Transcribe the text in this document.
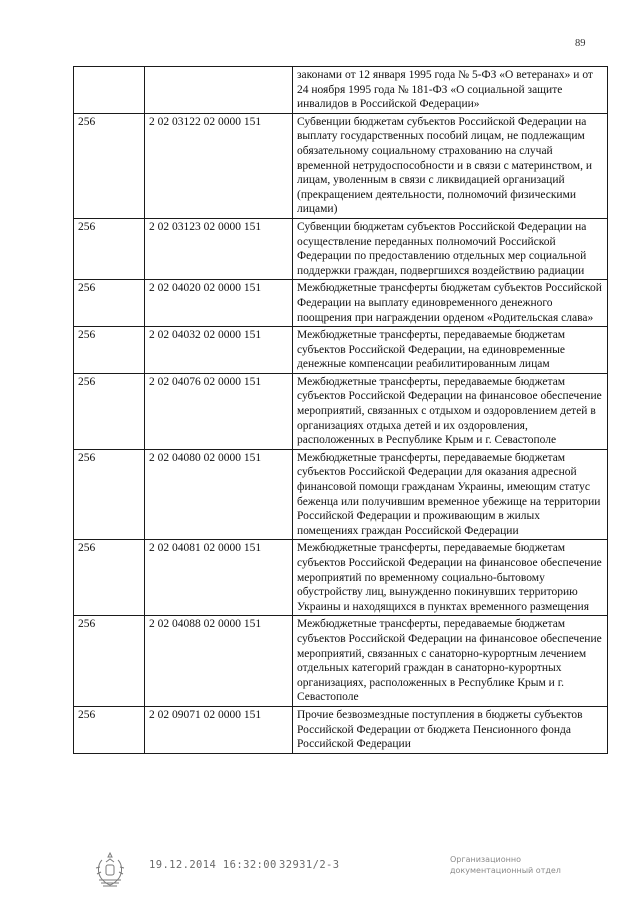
89
		законами от 12 января 1995 года № 5-ФЗ «О ветеранах» и от 24 ноября 1995 года № 181-ФЗ «О социальной защите инвалидов в Российской Федерации»
256	2 02 03122 02 0000 151	Субвенции бюджетам субъектов Российской Федерации на выплату государственных пособий лицам, не подлежащим обязательному социальному страхованию на случай временной нетрудоспособности и в связи с материнством, и лицам, уволенным в связи с ликвидацией организаций (прекращением деятельности, полномочий физическими лицами)
256	2 02 03123 02 0000 151	Субвенции бюджетам субъектов Российской Федерации на осуществление переданных полномочий Российской Федерации по предоставлению отдельных мер социальной поддержки граждан, подвергшихся воздействию радиации
256	2 02 04020 02 0000 151	Межбюджетные трансферты бюджетам субъектов Российской Федерации на выплату единовременного денежного поощрения при награждении орденом «Родительская слава»
256	2 02 04032 02 0000 151	Межбюджетные трансферты, передаваемые бюджетам субъектов Российской Федерации, на единовременные денежные компенсации реабилитированным лицам
256	2 02 04076 02 0000 151	Межбюджетные трансферты, передаваемые бюджетам субъектов Российской Федерации на финансовое обеспечение мероприятий, связанных с отдыхом и оздоровлением детей в организациях отдыха детей и их оздоровления, расположенных в Республике Крым и г. Севастополе
256	2 02 04080 02 0000 151	Межбюджетные трансферты, передаваемые бюджетам субъектов Российской Федерации для оказания адресной финансовой помощи гражданам Украины, имеющим статус беженца или получившим временное убежище на территории Российской Федерации и проживающим в жилых помещениях граждан Российской Федерации
256	2 02 04081 02 0000 151	Межбюджетные трансферты, передаваемые бюджетам субъектов Российской Федерации на финансовое обеспечение мероприятий по временному социально-бытовому обустройству лиц, вынужденно покинувших территорию Украины и находящихся в пунктах временного размещения
256	2 02 04088 02 0000 151	Межбюджетные трансферты, передаваемые бюджетам субъектов Российской Федерации на финансовое обеспечение мероприятий, связанных с санаторно-курортным лечением отдельных категорий граждан в санаторно-курортных организациях, расположенных в Республике Крым и г. Севастополе
256	2 02 09071 02 0000 151	Прочие безвозмездные поступления в бюджеты субъектов Российской Федерации от бюджета Пенсионного фонда Российской Федерации
19.12.2014 16:32:00 32931/2-3	Организационно
документационный отдел
